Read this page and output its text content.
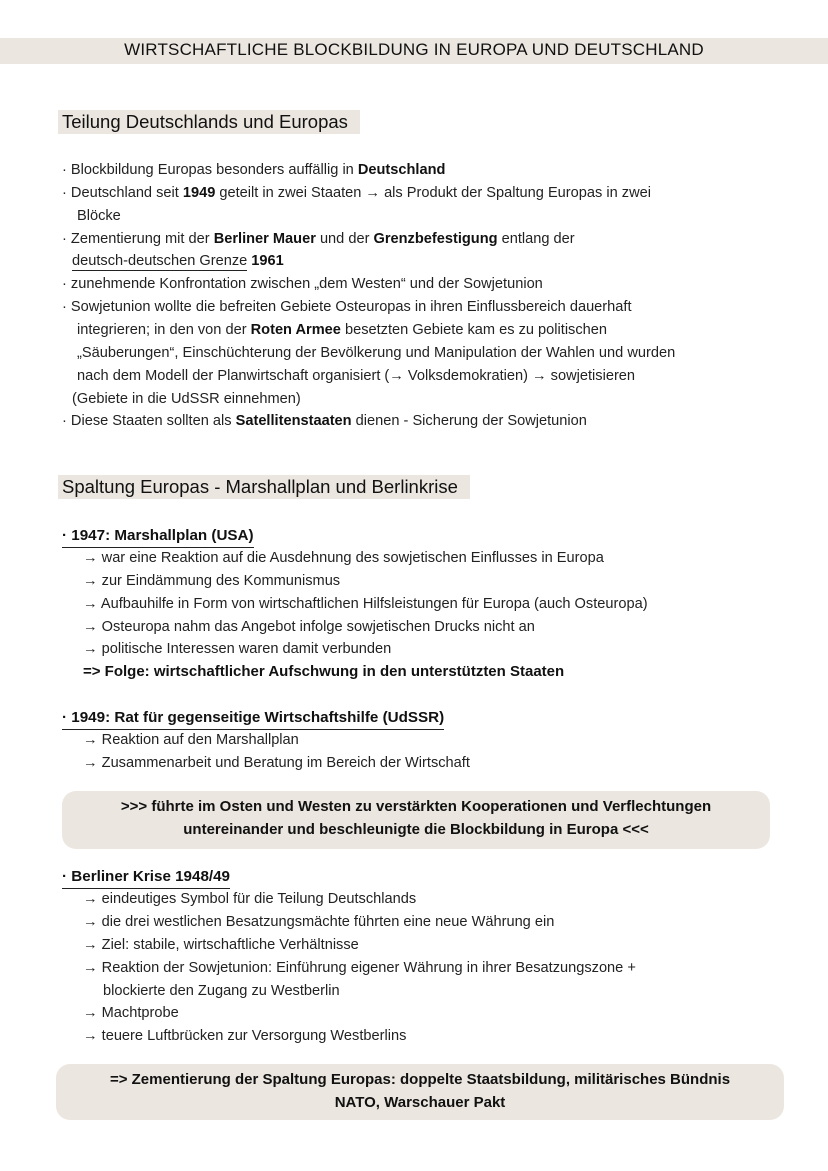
WIRTSCHAFTLICHE BLOCKBILDUNG IN EUROPA UND DEUTSCHLAND
Teilung Deutschlands und Europas
· Blockbildung Europas besonders auffällig in Deutschland
· Deutschland seit 1949 geteilt in zwei Staaten → als Produkt der Spaltung Europas in zwei
Blöcke
· Zementierung mit der Berliner Mauer und der Grenzbefestigung entlang der
deutsch-deutschen Grenze 1961
· zunehmende Konfrontation zwischen „dem Westen“ und der Sowjetunion
· Sowjetunion wollte die befreiten Gebiete Osteuropas in ihren Einflussbereich dauerhaft
integrieren; in den von der Roten Armee besetzten Gebiete kam es zu politischen
„Säuberungen“, Einschüchterung der Bevölkerung und Manipulation der Wahlen und wurden
nach dem Modell der Planwirtschaft organisiert (→ Volksdemokratien) → sowjetisieren
(Gebiete in die UdSSR einnehmen)
· Diese Staaten sollten als Satellitenstaaten dienen - Sicherung der Sowjetunion
Spaltung Europas - Marshallplan und Berlinkrise
· 1947: Marshallplan (USA)
→ war eine Reaktion auf die Ausdehnung des sowjetischen Einflusses in Europa
→ zur Eindämmung des Kommunismus
→ Aufbauhilfe in Form von wirtschaftlichen Hilfsleistungen für Europa (auch Osteuropa)
→ Osteuropa nahm das Angebot infolge sowjetischen Drucks nicht an
→ politische Interessen waren damit verbunden
=> Folge: wirtschaftlicher Aufschwung in den unterstützten Staaten
· 1949: Rat für gegenseitige Wirtschaftshilfe (UdSSR)
→ Reaktion auf den Marshallplan
→ Zusammenarbeit und Beratung im Bereich der Wirtschaft
>>> führte im Osten und Westen zu verstärkten Kooperationen und Verflechtungen
untereinander und beschleunigte die Blockbildung in Europa <<<
· Berliner Krise 1948/49
→ eindeutiges Symbol für die Teilung Deutschlands
→ die drei westlichen Besatzungsmächte führten eine neue Währung ein
→ Ziel: stabile, wirtschaftliche Verhältnisse
→ Reaktion der Sowjetunion: Einführung eigener Währung in ihrer Besatzungszone +
blockierte den Zugang zu Westberlin
→ Machtprobe
→ teuere Luftbrücken zur Versorgung Westberlins
=> Zementierung der Spaltung Europas: doppelte Staatsbildung, militärisches Bündnis
NATO, Warschauer Pakt
